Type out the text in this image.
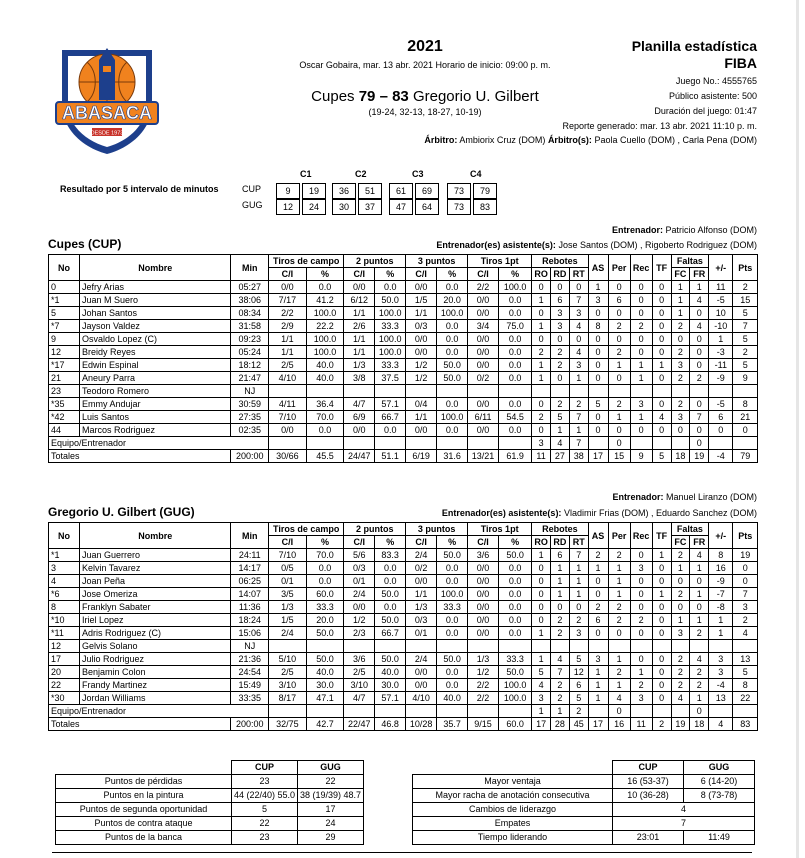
ABASACA
DESDE 1973
2021
Oscar Gobaira, mar. 13 abr. 2021 Horario de inicio: 09:00 p. m.
Cupes 79 – 83 Gregorio U. Gilbert
(19-24, 32-13, 18-27, 10-19)
Planilla estadística
FIBA
Juego No.: 4555765
Público asistente: 500
Duración del juego: 01:47
Reporte generado: mar. 13 abr. 2021 11:10 p. m.
Árbitro: Ambiorix Cruz (DOM) Árbitro(s): Paola Cuello (DOM) , Carla Pena (DOM)
Resultado por 5 intervalo de minutos
C1	C2	C3	C4
CUP	9	19	36	51	61	69	73	79
GUG	12	24	30	37	47	64	73	83
Entrenador: Patricio Alfonso (DOM)
Cupes (CUP)	Entrenador(es) asistente(s): Jose Santos (DOM) , Rigoberto Rodriguez (DOM)
No	Nombre	Min	Tiros de campo		2 puntos		3 puntos		Tiros 1pt		Rebotes			AS	Per	Rec	TF	Faltas		+/-	Pts
			C/I	%	C/I	%	C/I	%	C/I	%	RO	RD	RT					FC	FR		
0	Jefry Arias	05:27	0/0	0.0	0/0	0.0	0/0	0.0	2/2	100.0	0	0	0	1	0	0	0	1	1	11	2
*1	Juan M Suero	38:06	7/17	41.2	6/12	50.0	1/5	20.0	0/0	0.0	1	6	7	3	6	0	0	1	4	-5	15
5	Johan Santos	08:34	2/2	100.0	1/1	100.0	1/1	100.0	0/0	0.0	0	3	3	0	0	0	0	1	0	10	5
*7	Jayson Valdez	31:58	2/9	22.2	2/6	33.3	0/3	0.0	3/4	75.0	1	3	4	8	2	2	0	2	4	-10	7
9	Osvaldo Lopez (C)	09:23	1/1	100.0	1/1	100.0	0/0	0.0	0/0	0.0	0	0	0	0	0	0	0	0	0	1	5
12	Breidy Reyes	05:24	1/1	100.0	1/1	100.0	0/0	0.0	0/0	0.0	2	2	4	0	2	0	0	2	0	-3	2
*17	Edwin Espinal	18:12	2/5	40.0	1/3	33.3	1/2	50.0	0/0	0.0	1	2	3	0	1	1	1	3	0	-11	5
21	Aneury Parra	21:47	4/10	40.0	3/8	37.5	1/2	50.0	0/2	0.0	1	0	1	0	0	1	0	2	2	-9	9
23	Teodoro Romero	NJ																			
*35	Emmy Andujar	30:59	4/11	36.4	4/7	57.1	0/4	0.0	0/0	0.0	0	2	2	5	2	3	0	2	0	-5	8
*42	Luis Santos	27:35	7/10	70.0	6/9	66.7	1/1	100.0	6/11	54.5	2	5	7	0	1	1	4	3	7	6	21
44	Marcos Rodriguez	02:35	0/0	0.0	0/0	0.0	0/0	0.0	0/0	0.0	0	1	1	0	0	0	0	0	0	0	0
Equipo/Entrenador											3	4	7		0				0		
Totales		200:00	30/66	45.5	24/47	51.1	6/19	31.6	13/21	61.9	11	27	38	17	15	9	5	18	19	-4	79
Entrenador: Manuel Liranzo (DOM)
Gregorio U. Gilbert (GUG)	Entrenador(es) asistente(s): Vladimir Frias (DOM) , Eduardo Sanchez (DOM)
No	Nombre	Min	Tiros de campo		2 puntos		3 puntos		Tiros 1pt		Rebotes			AS	Per	Rec	TF	Faltas		+/-	Pts
			C/I	%	C/I	%	C/I	%	C/I	%	RO	RD	RT					FC	FR		
*1	Juan Guerrero	24:11	7/10	70.0	5/6	83.3	2/4	50.0	3/6	50.0	1	6	7	2	2	0	1	2	4	8	19
3	Kelvin Tavarez	14:17	0/5	0.0	0/3	0.0	0/2	0.0	0/0	0.0	0	1	1	1	1	3	0	1	1	16	0
4	Joan Peña	06:25	0/1	0.0	0/1	0.0	0/0	0.0	0/0	0.0	0	1	1	0	1	0	0	0	0	-9	0
*6	Jose Omeriza	14:07	3/5	60.0	2/4	50.0	1/1	100.0	0/0	0.0	0	1	1	0	1	0	1	2	1	-7	7
8	Franklyn Sabater	11:36	1/3	33.3	0/0	0.0	1/3	33.3	0/0	0.0	0	0	0	2	2	0	0	0	0	-8	3
*10	Iriel Lopez	18:24	1/5	20.0	1/2	50.0	0/3	0.0	0/0	0.0	0	2	2	6	2	2	0	1	1	1	2
*11	Adris Rodriguez (C)	15:06	2/4	50.0	2/3	66.7	0/1	0.0	0/0	0.0	1	2	3	0	0	0	0	3	2	1	4
12	Gelvis Solano	NJ																			
17	Julio Rodriguez	21:36	5/10	50.0	3/6	50.0	2/4	50.0	1/3	33.3	1	4	5	3	1	0	0	2	4	3	13
20	Benjamin Colon	24:54	2/5	40.0	2/5	40.0	0/0	0.0	1/2	50.0	5	7	12	1	2	1	0	2	2	3	5
22	Frandy Martinez	15:49	3/10	30.0	3/10	30.0	0/0	0.0	2/2	100.0	4	2	6	1	1	2	0	2	2	-4	8
*30	Jordan Williams	33:35	8/17	47.1	4/7	57.1	4/10	40.0	2/2	100.0	3	2	5	1	4	3	0	4	1	13	22
Equipo/Entrenador											1	1	2		0				0		
Totales		200:00	32/75	42.7	22/47	46.8	10/28	35.7	9/15	60.0	17	28	45	17	16	11	2	19	18	4	83
	CUP	GUG
Puntos de pérdidas	23	22
Puntos en la pintura	44 (22/40) 55.0	38 (19/39) 48.7
Puntos de segunda oportunidad	5	17
Puntos de contra ataque	22	24
Puntos de la banca	23	29
	CUP	GUG
Mayor ventaja	16 (53-37)	6 (14-20)
Mayor racha de anotación consecutiva	10 (36-28)	8 (73-78)
Cambios de liderazgo	4	
Empates	7	
Tiempo liderando	23:01	11:49
